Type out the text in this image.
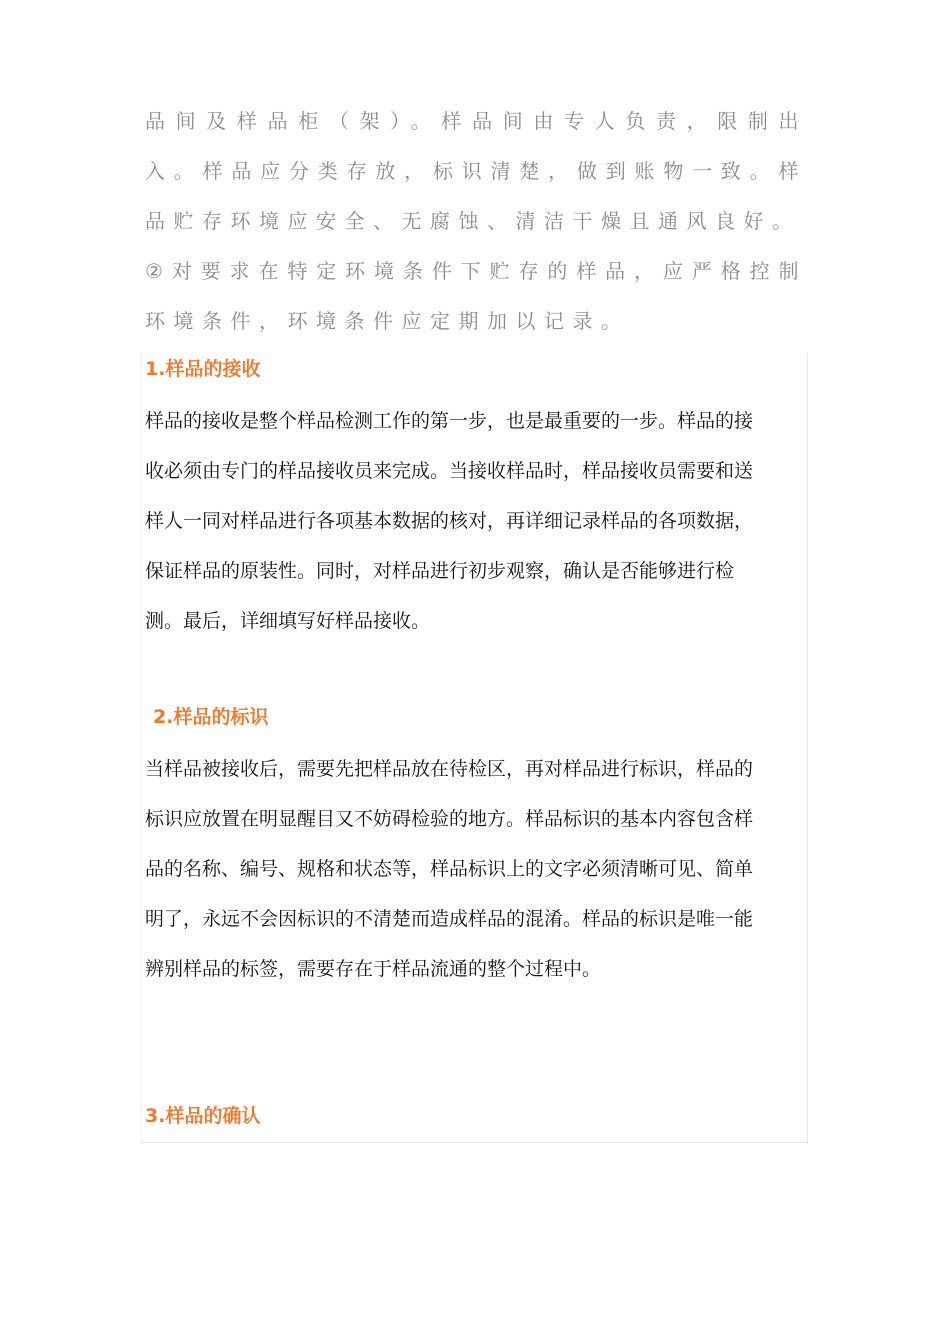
品间及样品柜（架）。样品间由专人负责，限制出入。样品应分类存放，标识清楚，做到账物一致。样品贮存环境应安全、无腐蚀、清洁干燥且通风良好。

②对要求在特定环境条件下贮存的样品，应严格控制环境条件，环境条件应定期加以记录。

1.样品的接收

样品的接收是整个样品检测工作的第一步，也是最重要的一步。样品的接收必须由专门的样品接收员来完成。当接收样品时，样品接收员需要和送样人一同对样品进行各项基本数据的核对，再详细记录样品的各项数据，保证样品的原装性。同时，对样品进行初步观察，确认是否能够进行检测。最后，详细填写好样品接收。

2.样品的标识

当样品被接收后，需要先把样品放在待检区，再对样品进行标识，样品的标识应放置在明显醒目又不妨碍检验的地方。样品标识的基本内容包含样品的名称、编号、规格和状态等，样品标识上的文字必须清晰可见、简单明了，永远不会因标识的不清楚而造成样品的混淆。样品的标识是唯一能辨别样品的标签，需要存在于样品流通的整个过程中。

3.样品的确认
